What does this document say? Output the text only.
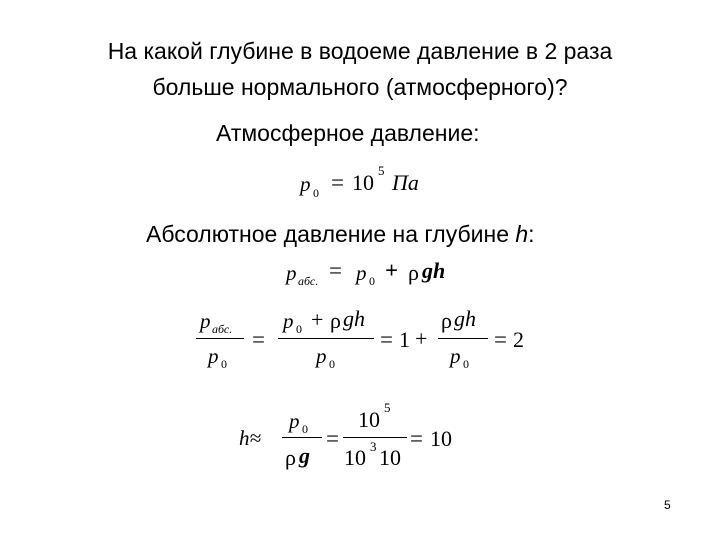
На какой глубине в водоеме давление в 2 раза
больше нормального (атмосферного)?
Атмосферное давление:
p 0 = 10 5 Па
Абсолютное давление на глубине h:
p абс. = p 0 + ρ gh
p абс.
p 0
=
p 0 + ρ gh
p 0
= 1 +
ρ gh
p 0
= 2
h≈
p 0
ρ g
=
10 5
10 3 10
= 10
5
